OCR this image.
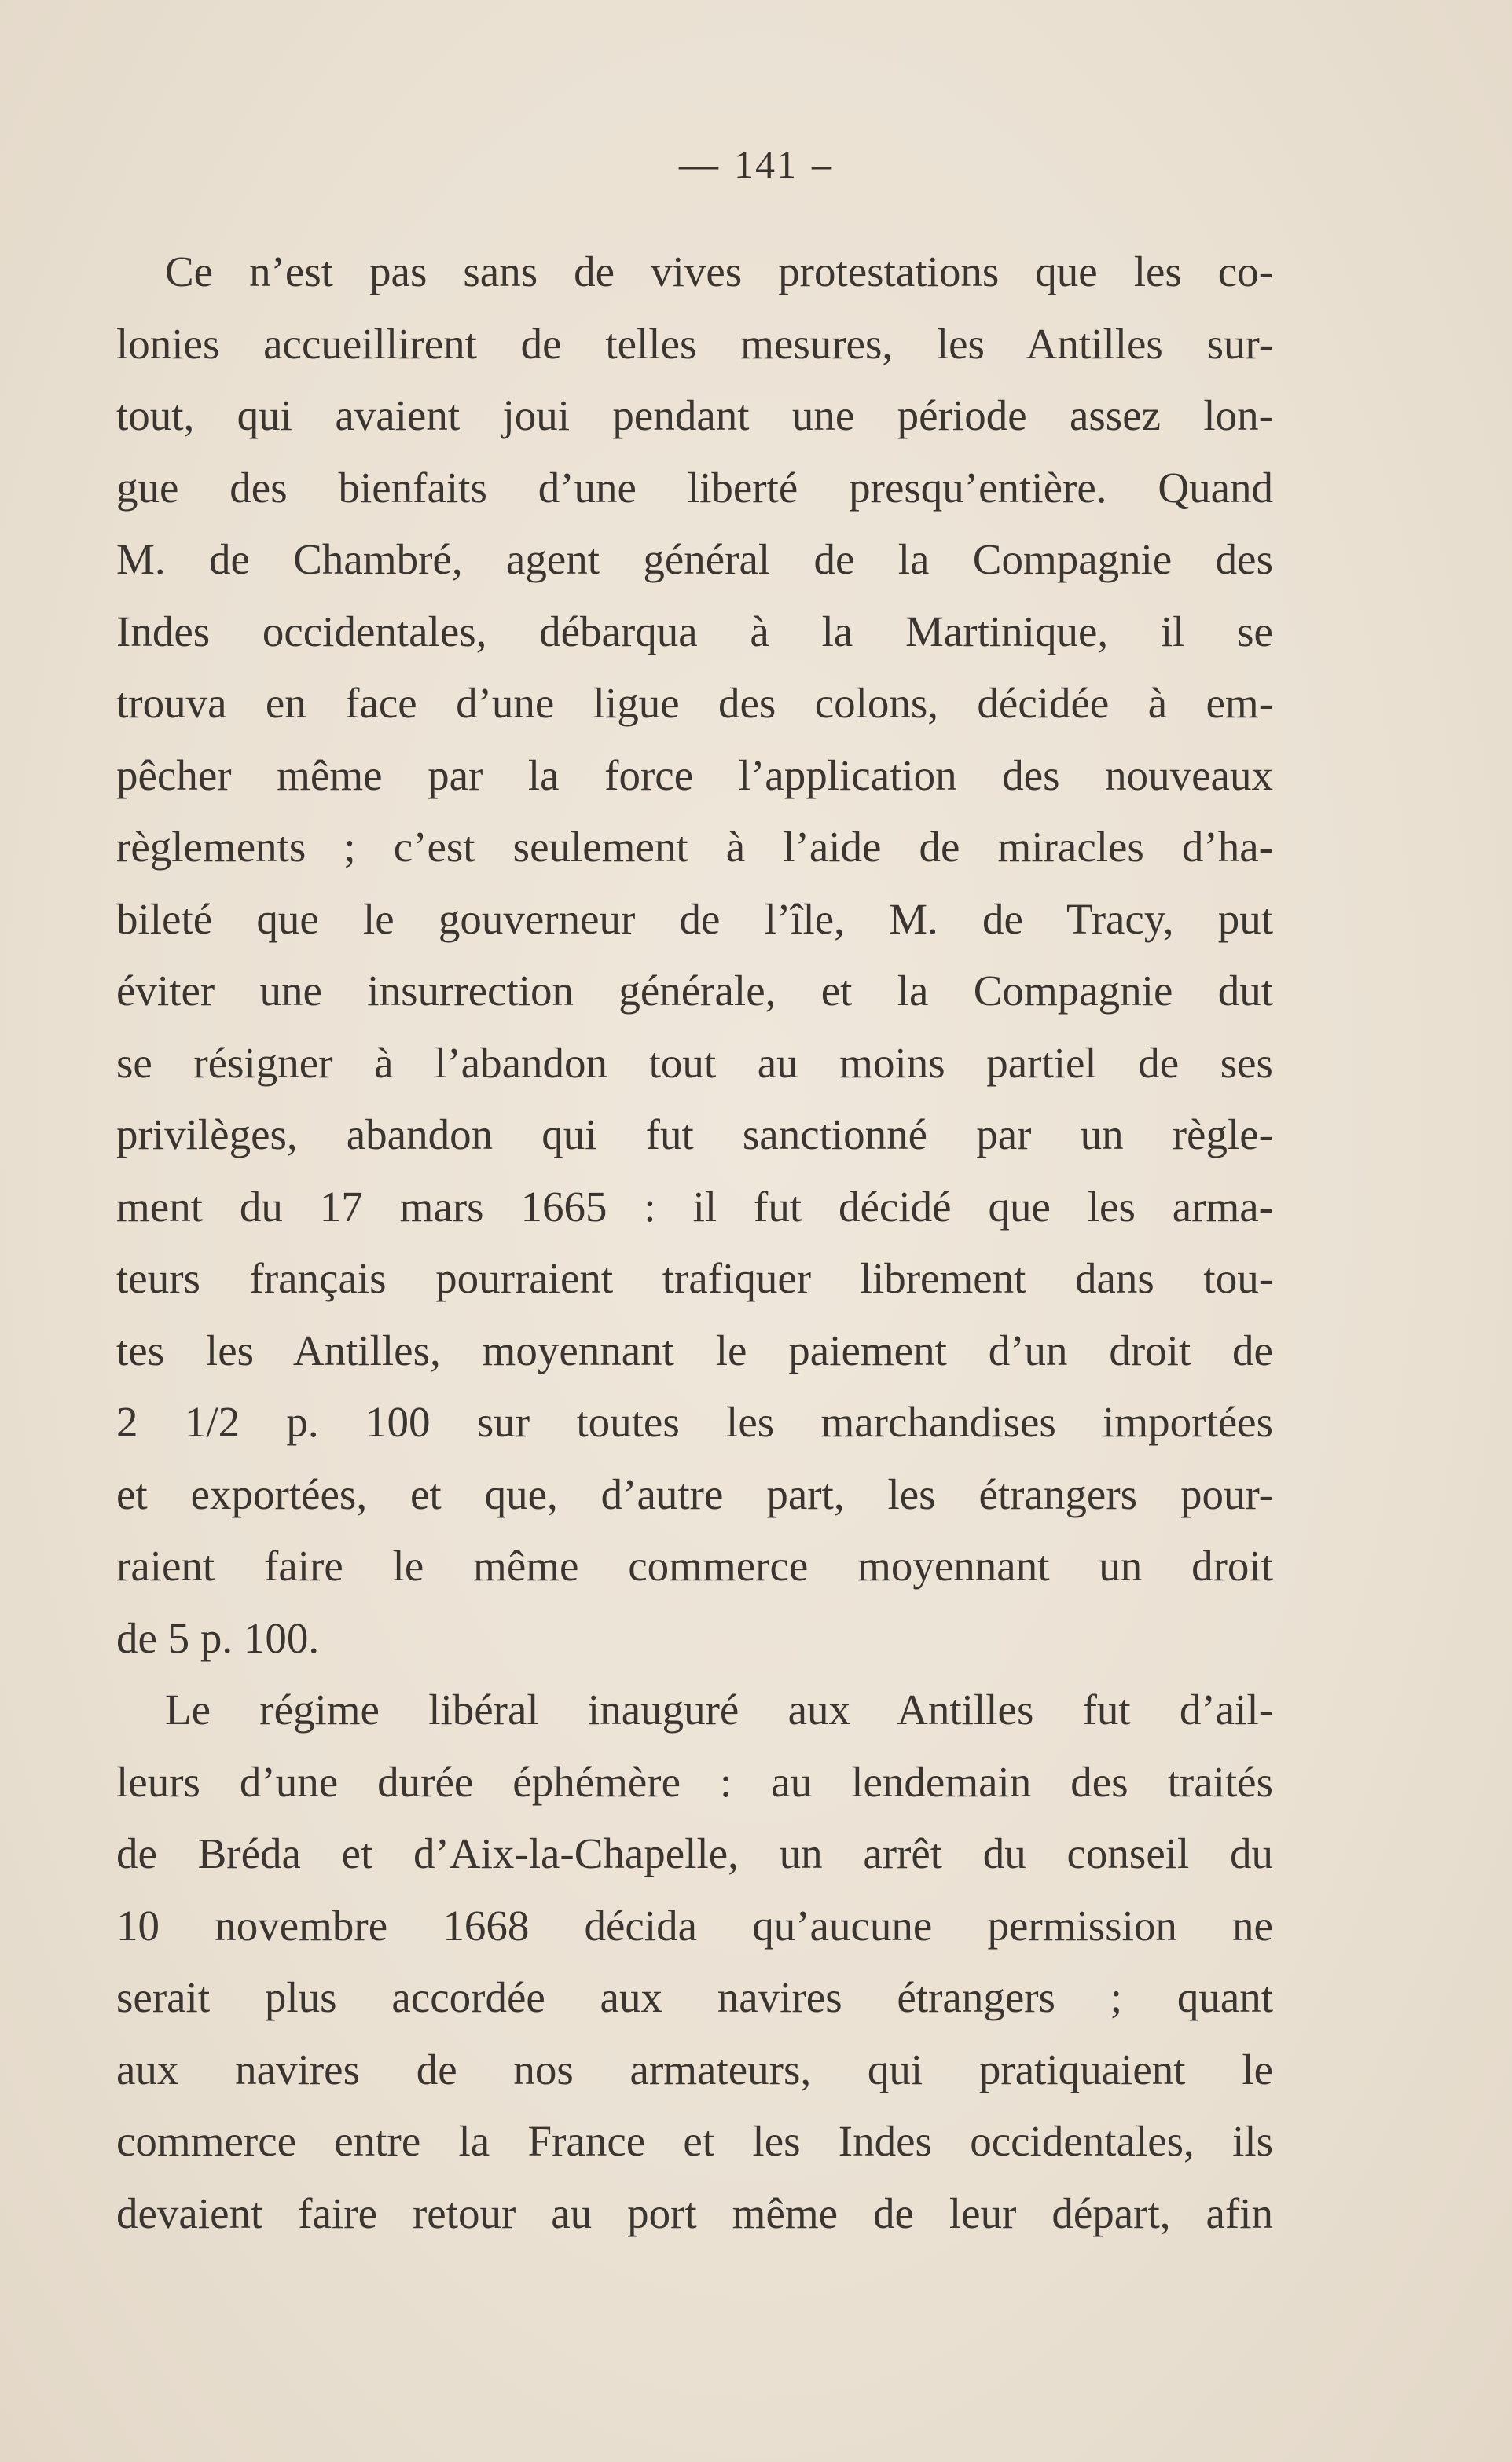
— 141 –
Ce n’est pas sans de vives protestations que les co-
lonies accueillirent de telles mesures, les Antilles sur-
tout, qui avaient joui pendant une période assez lon-
gue des bienfaits d’une liberté presqu’entière. Quand
M. de Chambré, agent général de la Compagnie des
Indes occidentales, débarqua à la Martinique, il se
trouva en face d’une ligue des colons, décidée à em-
pêcher même par la force l’application des nouveaux
règlements ; c’est seulement à l’aide de miracles d’ha-
bileté que le gouverneur de l’île, M. de Tracy, put
éviter une insurrection générale, et la Compagnie dut
se résigner à l’abandon tout au moins partiel de ses
privilèges, abandon qui fut sanctionné par un règle-
ment du 17 mars 1665 : il fut décidé que les arma-
teurs français pourraient trafiquer librement dans tou-
tes les Antilles, moyennant le paiement d’un droit de
2 1/2 p. 100 sur toutes les marchandises importées
et exportées, et que, d’autre part, les étrangers pour-
raient faire le même commerce moyennant un droit
de 5 p. 100.
Le régime libéral inauguré aux Antilles fut d’ail-
leurs d’une durée éphémère : au lendemain des traités
de Bréda et d’Aix-la-Chapelle, un arrêt du conseil du
10 novembre 1668 décida qu’aucune permission ne
serait plus accordée aux navires étrangers ; quant
aux navires de nos armateurs, qui pratiquaient le
commerce entre la France et les Indes occidentales, ils
devaient faire retour au port même de leur départ, afin
